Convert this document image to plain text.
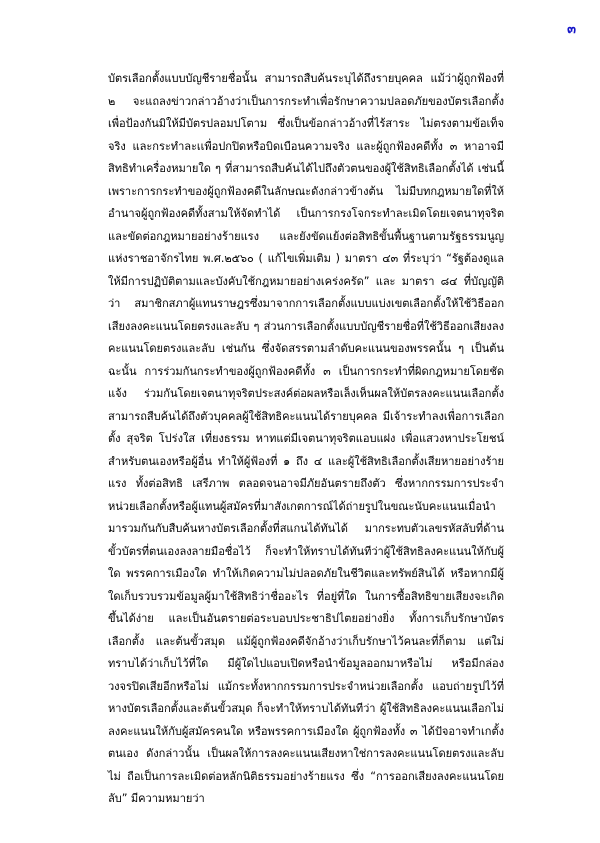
๓

บัตรเลือกตั้งแบบบัญชีรายชื่อนั้น สามารถสืบค้นระบุได้ถึงรายบุคคล แม้ว่าผู้ถูกฟ้องที่ ๒ จะแถลงข่าวกล่าวอ้างว่าเป็นการกระทำเพื่อรักษาความปลอดภัยของบัตรเลือกตั้ง เพื่อป้องกันมิให้มีบัตรปลอมปโตาม ซึ่งเป็นข้อกล่าวอ้างที่ไร้สาระ ไม่ตรงตามข้อเท็จจริง และกระทำละเเพื่อปกปิดหรือบิดเบือนความจริง และผู้ถูกฟ้องคดีทั้ง ๓ หาอาจมีสิทธิทำเครื่องหมายใด ๆ ที่สามารถสืบค้นได้ไปถึงตัวตนของผู้ใช้สิทธิเลือกตั้งได้ เช่นนี้ เพราะการกระทำของผู้ถูกฟ้องคดีในลักษณะดังกล่าวข้างต้น ไม่มีบทกฎหมายใดที่ให้อำนาจผู้ถูกฟ้องคดีทั้งสามให้จัดทำได้ เป็นการกรงโจกระทำละเมิดโดยเจตนาทุจริตและขัดต่อกฎหมายอย่างร้ายแรง และยังขัดแย้งต่อสิทธิขั้นพื้นฐานตามรัฐธรรมนูญ แห่งราชอาจักรไทย พ.ศ.๒๕๖๐ ( แก้ไขเพิ่มเติม ) มาตรา ๔๓ ที่ระบุว่า “รัฐต้องดูแลให้มีการปฏิบัติตามและบังคับใช้กฎหมายอย่างเคร่งครัด” และ มาตรา ๘๔ ที่บัญญัติว่า สมาชิกสภาผู้แทนราษฎรซึ่งมาจากการเลือกตั้งแบบแบ่งเขตเลือกตั้งให้ใช้วิธีออกเสียงลงคะแนนโดยตรงและลับ ๆ ส่วนการเลือกตั้งแบบบัญชีรายชื่อที่ใช้วิธีออกเสียงลงคะแนนโดยตรงและลับ เช่นกัน ซึ่งจัดสรรตามลำดับคะแนนของพรรคนั้น ๆ เป็นต้น ฉะนั้น การร่วมกันกระทำของผู้ถูกฟ้องคดีทั้ง ๓ เป็นการกระทำที่ผิดกฎหมายโดยชัดแจ้ง ร่วมกันโดยเจตนาทุจริตประสงค์ต่อผลหรือเล็งเห็นผลให้บัตรลงคะแนนเลือกตั้ง สามารถสืบค้นได้ถึงตัวบุคคลผู้ใช้สิทธิคะแนนได้รายบุคคล มีเจ้าระทำลงเพื่อการเลือกตั้ง สุจริต โปร่งใส เที่ยงธรรม หาทแต่มีเจตนาทุจริตแอบแฝง เพื่อแสวงหาประโยชน์สำหรับตนเองหรือผู้อื่น ทำให้ผู้ฟ้องที่ ๑ ถึง ๔ และผู้ใช้สิทธิเลือกตั้งเสียหายอย่างร้ายแรง ทั้งต่อสิทธิ เสรีภาพ ตลอดจนอาจมีภัยอันตรายถึงตัว ซึ่งหากกรรมการประจำหน่วยเลือกตั้งหรือผู้แทนผู้สมัครที่มาสังเกตการณ์ได้ถ่ายรูปในขณะนับคะแนนเมื่อนำมารวมกันกับสืบค้นหางบัตรเลือกตั้งที่สแกนได้ทันได้ มากระทบตัวเลขรหัสลับที่ด้านขั้วบัตรที่ตนเองลงลายมือชื่อไว้ ก็จะทำให้ทราบได้ทันทีว่าผู้ใช้สิทธิลงคะแนนให้กับผู้ใด พรรคการเมืองใด ทำให้เกิดความไม่ปลอดภัยในชีวิตและทรัพย์สินได้ หรือหากมีผู้ใดเก็บรวบรวมข้อมูลผู้มาใช้สิทธิว่าชื่ออะไร ที่อยู่ที่ใด ในการซื้อสิทธิขายเสียงจะเกิดขึ้นได้ง่าย และเป็นอันตรายต่อระบอบประชาธิปไตยอย่างยิ่ง ทั้งการเก็บรักษาบัตรเลือกตั้ง และต้นขั้วสมุด แม้ผู้ถูกฟ้องคดีจักอ้างว่าเก็บรักษาไว้คนละที่ก็ตาม แต่ใม่ทราบได้ว่าเก็บไว้ที่ใด มีผู้ใดไปแอบเปิดหรือนำข้อมูลออกมาหรือไม่ หรือมีกล่องวงจรปิดเสียอีกหรือไม่ แม้กระทั้งหากกรรมการประจำหน่วยเลือกตั้ง แอบถ่ายรูปไว้ที่หางบัตรเลือกตั้งและต้นขั้วสมุด ก็จะทำให้ทราบได้ทันทีว่า ผู้ใช้สิทธิลงคะแนนเลือกไม่ลงคะแนนให้กับผู้สมัครคนใด หรือพรรคการเมืองใด ผู้ถูกฟ้องทั้ง ๓ ได้ปัจอาจทำเกตั้งตนเอง ดังกล่าวนั้น เป็นผลให้การลงคะแนนเสียงหาใช่การลงคะแนนโดยตรงและลับไม่ ถือเป็นการละเมิดต่อหลักนิติธรรมอย่างร้ายแรง ซึ่ง “การออกเสียงลงคะแนนโดยลับ” มีความหมายว่า
